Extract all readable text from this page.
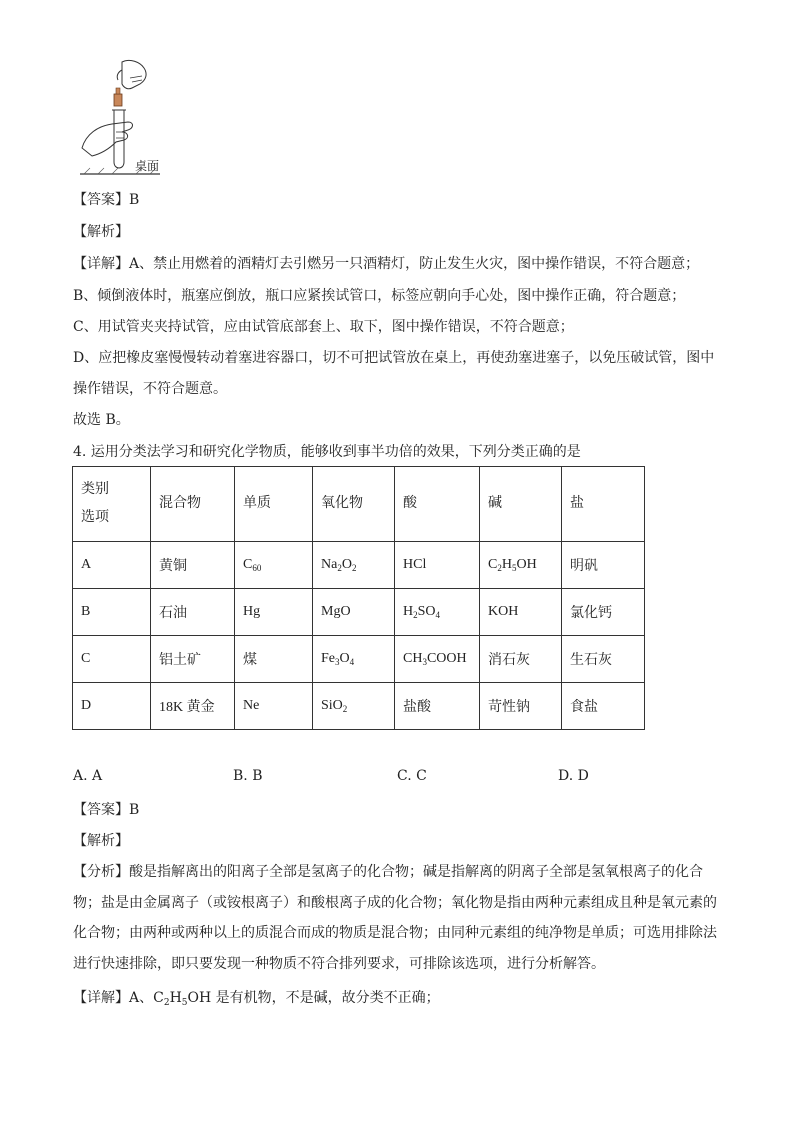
桌面
【答案】B
【解析】
【详解】A、禁止用燃着的酒精灯去引燃另一只酒精灯，防止发生火灾，图中操作错误，不符合题意；
B、倾倒液体时，瓶塞应倒放，瓶口应紧挨试管口，标签应朝向手心处，图中操作正确，符合题意；
C、用试管夹夹持试管，应由试管底部套上、取下，图中操作错误，不符合题意；
D、应把橡皮塞慢慢转动着塞进容器口，切不可把试管放在桌上，再使劲塞进塞子，以免压破试管，图中
操作错误，不符合题意。
故选 B。
4. 运用分类法学习和研究化学物质，能够收到事半功倍的效果，下列分类正确的是
类别
选项	混合物	单质	氧化物	酸	碱	盐
A	黄铜	$C_{60}$	$Na_2O_2$	HCl	$C_2H_5OH$	明矾
B	石油	Hg	MgO	$H_2SO_4$	KOH	氯化钙
C	铝土矿	煤	$Fe_3O_4$	$CH_3COOH$	消石灰	生石灰
D	18K 黄金	Ne	SiO$_2$	盐酸	苛性钠	食盐
A. A	B. B	C. C	D. D
【答案】B
【解析】
【分析】酸是指解离出的阳离子全部是氢离子的化合物；碱是指解离的阴离子全部是氢氧根离子的化合物；盐是由金属离子（或铵根离子）和酸根离子成的化合物；氧化物是指由两种元素组成且种是氧元素的化合物；由两种或两种以上的质混合而成的物质是混合物；由同种元素组的纯净物是单质；可选用排除法进行快速排除，即只要发现一种物质不符合排列要求，可排除该选项，进行分析解答。
【详解】A、$C_2H_5OH$ 是有机物，不是碱，故分类不正确；
